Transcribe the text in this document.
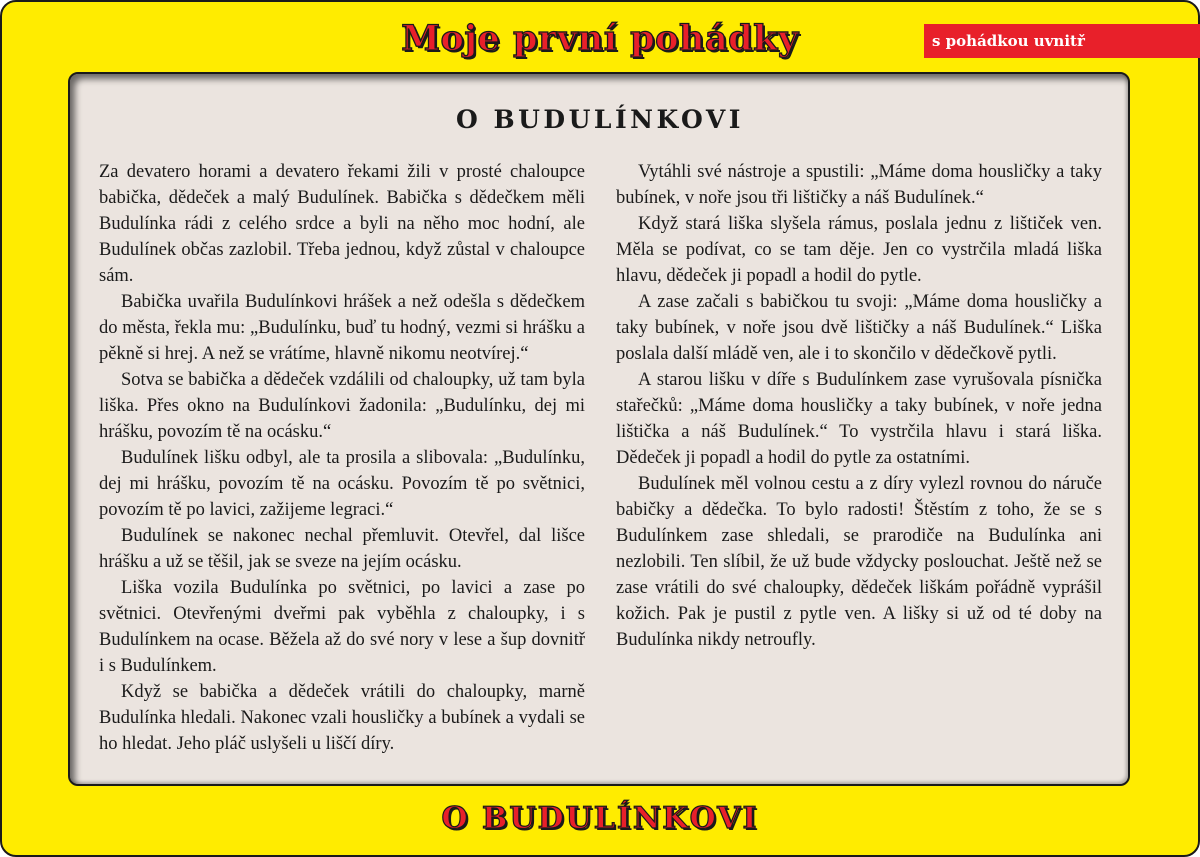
Moje první pohádky	s pohádkou uvnitř
O BUDULÍNKOVI

Za devatero horami a devatero řekami žili v prosté chaloupce babička, dědeček a malý Budulínek. Babička s dědečkem měli Budulínka rádi z celého srdce a byli na něho moc hodní, ale Budulínek občas zazlobil. Třeba jednou, když zůstal v chaloupce sám.

Babička uvařila Budulínkovi hrášek a než odešla s dědečkem do města, řekla mu: „Budulínku, buď tu hodný, vezmi si hrášku a pěkně si hrej. A než se vrátíme, hlavně nikomu neotvírej.“

Sotva se babička a dědeček vzdálili od chaloupky, už tam byla liška. Přes okno na Budulínkovi žadonila: „Budulínku, dej mi hrášku, povozím tě na ocásku.“

Budulínek lišku odbyl, ale ta prosila a slibovala: „Budulínku, dej mi hrášku, povozím tě na ocásku. Povozím tě po světnici, povozím tě po lavici, zažijeme legraci.“

Budulínek se nakonec nechal přemluvit. Otevřel, dal lišce hrášku a už se těšil, jak se sveze na jejím ocásku.

Liška vozila Budulínka po světnici, po lavici a zase po světnici. Otevřenými dveřmi pak vyběhla z chaloupky, i s Budulínkem na ocase. Běžela až do své nory v lese a šup dovnitř i s Budulínkem.

Když se babička a dědeček vrátili do chaloupky, marně Budulínka hledali. Nakonec vzali housličky a bubínek a vydali se ho hledat. Jeho pláč uslyšeli u liščí díry.

Vytáhli své nástroje a spustili: „Máme doma housličky a taky bubínek, v noře jsou tři lištičky a náš Budulínek.“

Když stará liška slyšela rámus, poslala jednu z lištiček ven. Měla se podívat, co se tam děje. Jen co vystrčila mladá liška hlavu, dědeček ji popadl a hodil do pytle.

A zase začali s babičkou tu svoji: „Máme doma housličky a taky bubínek, v noře jsou dvě lištičky a náš Budulínek.“ Liška poslala další mládě ven, ale i to skončilo v dědečkově pytli.

A starou lišku v díře s Budulínkem zase vyrušovala písnička stařečků: „Máme doma housličky a taky bubínek, v noře jedna lištička a náš Budulínek.“ To vystrčila hlavu i stará liška. Dědeček ji popadl a hodil do pytle za ostatními.

Budulínek měl volnou cestu a z díry vylezl rovnou do náruče babičky a dědečka. To bylo radosti! Štěstím z toho, že se s Budulínkem zase shledali, se prarodiče na Budulínka ani nezlobili. Ten slíbil, že už bude vždycky poslouchat. Ještě než se zase vrátili do své chaloupky, dědeček liškám pořádně vyprášil kožich. Pak je pustil z pytle ven. A lišky si už od té doby na Budulínka nikdy netroufly.

O BUDULÍNKOVI
